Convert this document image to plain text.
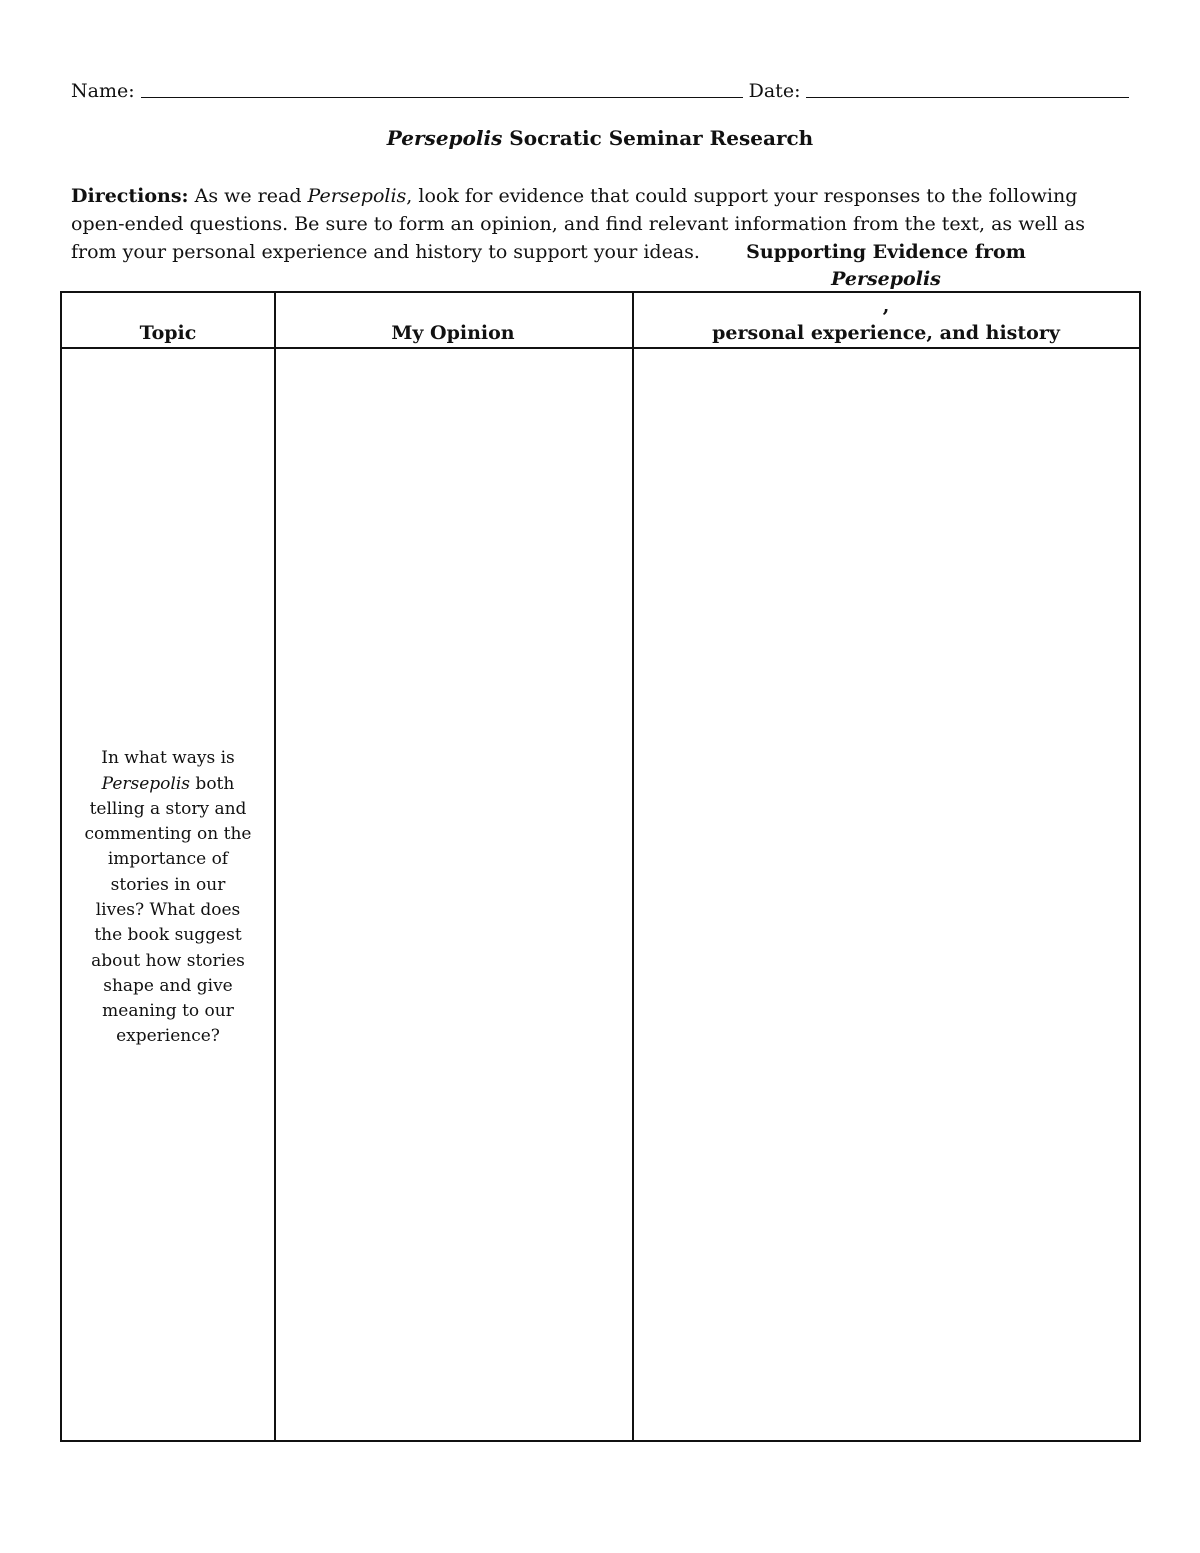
Name:	Date:
Persepolis Socratic Seminar Research
Directions: As we read Persepolis, look for evidence that could support your responses to the following open-ended questions. Be sure to form an opinion, and find relevant information from the text, as well as from your personal experience and history to support your ideas.
Topic	My Opinion
Supporting Evidence from
Persepolis
,
personal experience, and history
In what ways is Persepolis both telling a story and commenting on the importance of stories in our lives? What does the book suggest about how stories shape and give meaning to our experience?
